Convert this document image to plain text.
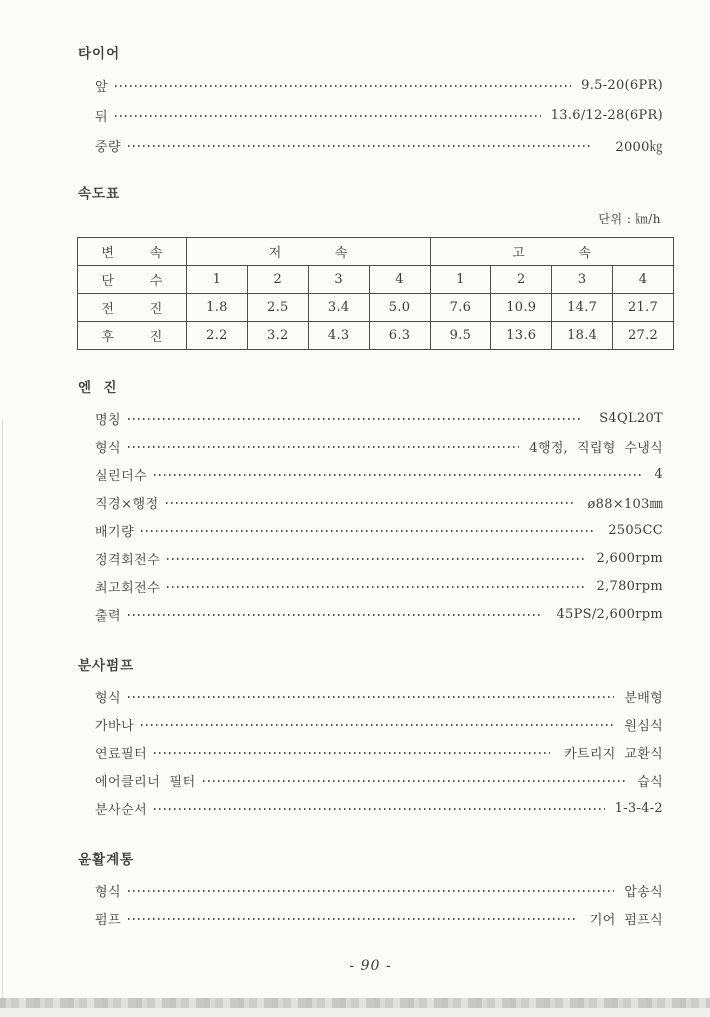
타이어
앞	9.5-20(6PR)
뒤	13.6/12-28(6PR)
중량	2000㎏
속도표
단위 : ㎞/h
변        속	저            속				고            속			
단        수	1	2	3	4	1	2	3	4
전        진	1.8	2.5	3.4	5.0	7.6	10.9	14.7	21.7
후        진	2.2	3.2	4.3	6.3	9.5	13.6	18.4	27.2
엔  진
명칭	S4QL20T
형식	4행정,  직립형  수냉식
실린더수	4
직경×행정	ø88×103㎜
배기량	2505CC
정격회전수	2,600rpm
최고회전수	2,780rpm
출력	45PS/2,600rpm
분사펌프
형식	분배형
가바나	원심식
연료필터	카트리지  교환식
에어클리너  필터	습식
분사순서	1-3-4-2
윤활계통
형식	압송식
펌프	기어  펌프식
- 90 -
